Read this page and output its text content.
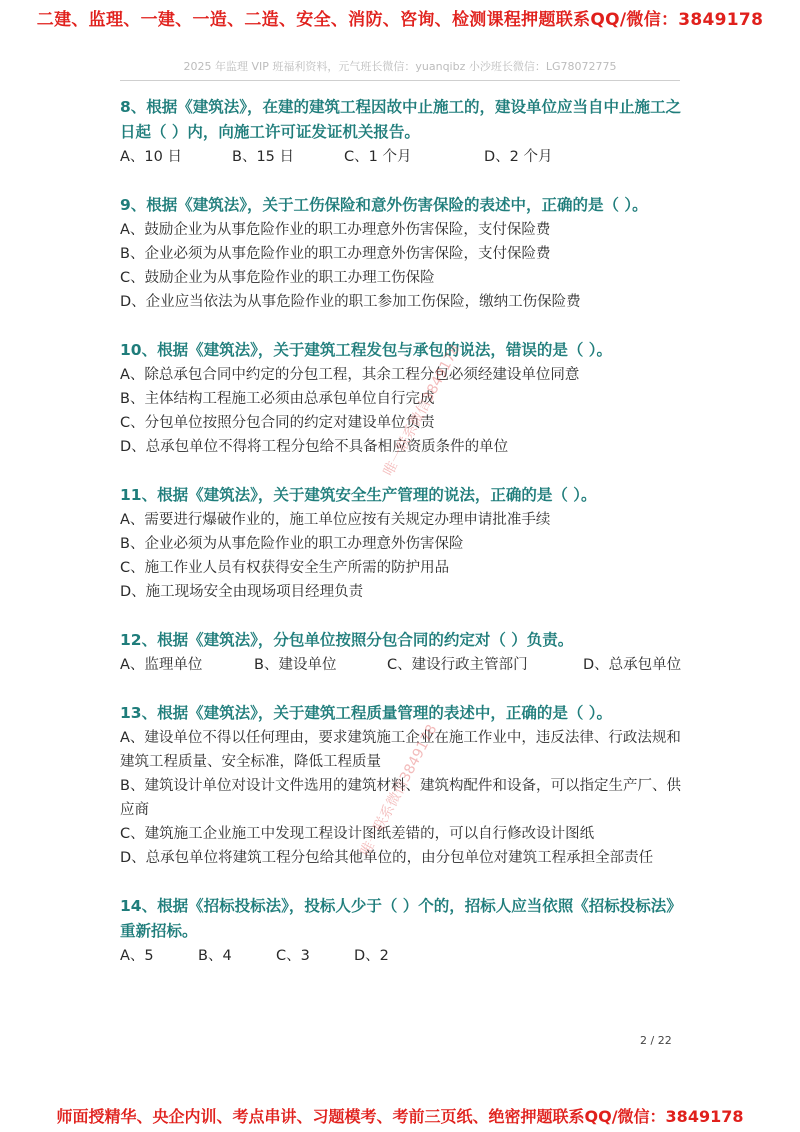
二建、监理、一建、一造、二造、安全、消防、咨询、检测课程押题联系QQ/微信：3849178
2025 年监理 VIP 班福利资料，元气班长微信：yuanqibz 小沙班长微信：LG78072775
8、根据《建筑法》，在建的建筑工程因故中止施工的，建设单位应当自中止施工之日起（ ）内，向施工许可证发证机关报告。
A、10 日	B、15 日	C、1 个月	D、2 个月
9、根据《建筑法》，关于工伤保险和意外伤害保险的表述中，正确的是（ ）。
A、鼓励企业为从事危险作业的职工办理意外伤害保险，支付保险费
B、企业必须为从事危险作业的职工办理意外伤害保险，支付保险费
C、鼓励企业为从事危险作业的职工办理工伤保险
D、企业应当依法为从事危险作业的职工参加工伤保险，缴纳工伤保险费
10、根据《建筑法》，关于建筑工程发包与承包的说法，错误的是（ ）。
A、除总承包合同中约定的分包工程，其余工程分包必须经建设单位同意
B、主体结构工程施工必须由总承包单位自行完成
C、分包单位按照分包合同的约定对建设单位负责
D、总承包单位不得将工程分包给不具备相应资质条件的单位
11、根据《建筑法》，关于建筑安全生产管理的说法，正确的是（ ）。
A、需要进行爆破作业的，施工单位应按有关规定办理申请批准手续
B、企业必须为从事危险作业的职工办理意外伤害保险
C、施工作业人员有权获得安全生产所需的防护用品
D、施工现场安全由现场项目经理负责
12、根据《建筑法》，分包单位按照分包合同的约定对（ ）负责。
A、监理单位	B、建设单位	C、建设行政主管部门	D、总承包单位
13、根据《建筑法》，关于建筑工程质量管理的表述中，正确的是（ ）。
A、建设单位不得以任何理由，要求建筑施工企业在施工作业中，违反法律、行政法规和建筑工程质量、安全标准，降低工程质量
B、建筑设计单位对设计文件选用的建筑材料、建筑构配件和设备，可以指定生产厂、供应商
C、建筑施工企业施工中发现工程设计图纸差错的，可以自行修改设计图纸
D、总承包单位将建筑工程分包给其他单位的，由分包单位对建筑工程承担全部责任
14、根据《招标投标法》，投标人少于（ ）个的，招标人应当依照《招标投标法》重新招标。
A、5	B、4	C、3	D、2
唯一联系微信3849178
唯一联系微信3849178
2 / 22
师面授精华、央企内训、考点串讲、习题模考、考前三页纸、绝密押题联系QQ/微信：3849178
